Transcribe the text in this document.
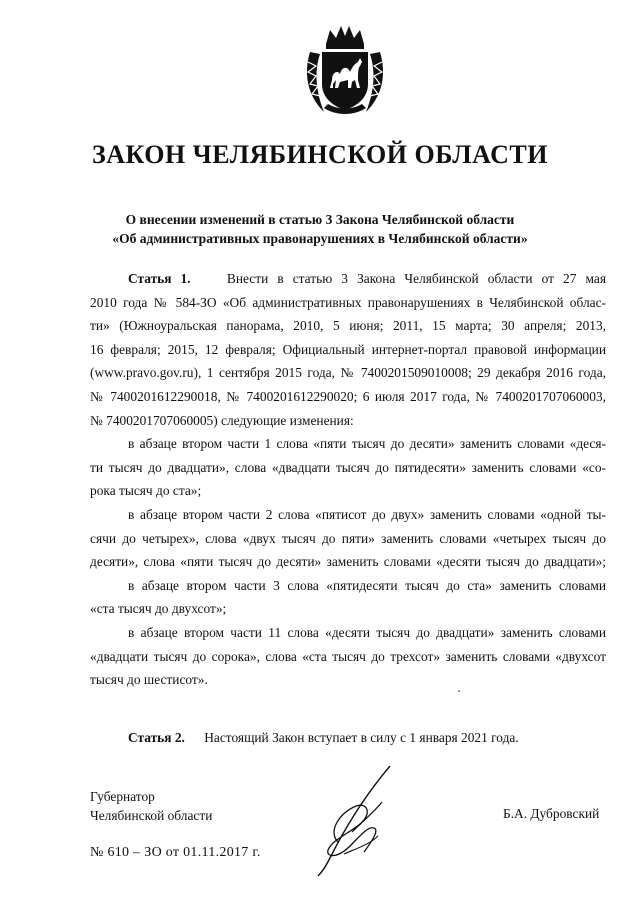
ЗАКОН ЧЕЛЯБИНСКОЙ ОБЛАСТИ
О внесении изменений в статью 3 Закона Челябинской области
«Об административных правонарушениях в Челябинской области»
Статья 1.	Внести в статью 3 Закона Челябинской области от 27 мая
2010 года № 584-ЗО «Об административных правонарушениях в Челябинской облас-
ти» (Южноуральская панорама, 2010, 5 июня; 2011, 15 марта; 30 апреля; 2013,
16 февраля; 2015, 12 февраля; Официальный интернет-портал правовой информации
(www.pravo.gov.ru), 1 сентября 2015 года, № 7400201509010008; 29 декабря 2016 года,
№ 7400201612290018, № 7400201612290020; 6 июля 2017 года, № 7400201707060003,
№ 7400201707060005) следующие изменения:
в абзаце втором части 1 слова «пяти тысяч до десяти» заменить словами «деся-
ти тысяч до двадцати», слова «двадцати тысяч до пятидесяти» заменить словами «со-
рока тысяч до ста»;
в абзаце втором части 2 слова «пятисот до двух» заменить словами «одной ты-
сячи до четырех», слова «двух тысяч до пяти» заменить словами «четырех тысяч до
десяти», слова «пяти тысяч до десяти» заменить словами «десяти тысяч до двадцати»;
в абзаце втором части 3 слова «пятидесяти тысяч до ста» заменить словами
«ста тысяч до двухсот»;
в абзаце втором части 11 слова «десяти тысяч до двадцати» заменить словами
«двадцати тысяч до сорока», слова «ста тысяч до трехсот» заменить словами «двухсот
тысяч до шестисот».
Статья 2. Настоящий Закон вступает в силу с 1 января 2021 года.
Губернатор
Челябинской области	Б.А. Дубровский
№ 610 – ЗО от 01.11.2017 г.
